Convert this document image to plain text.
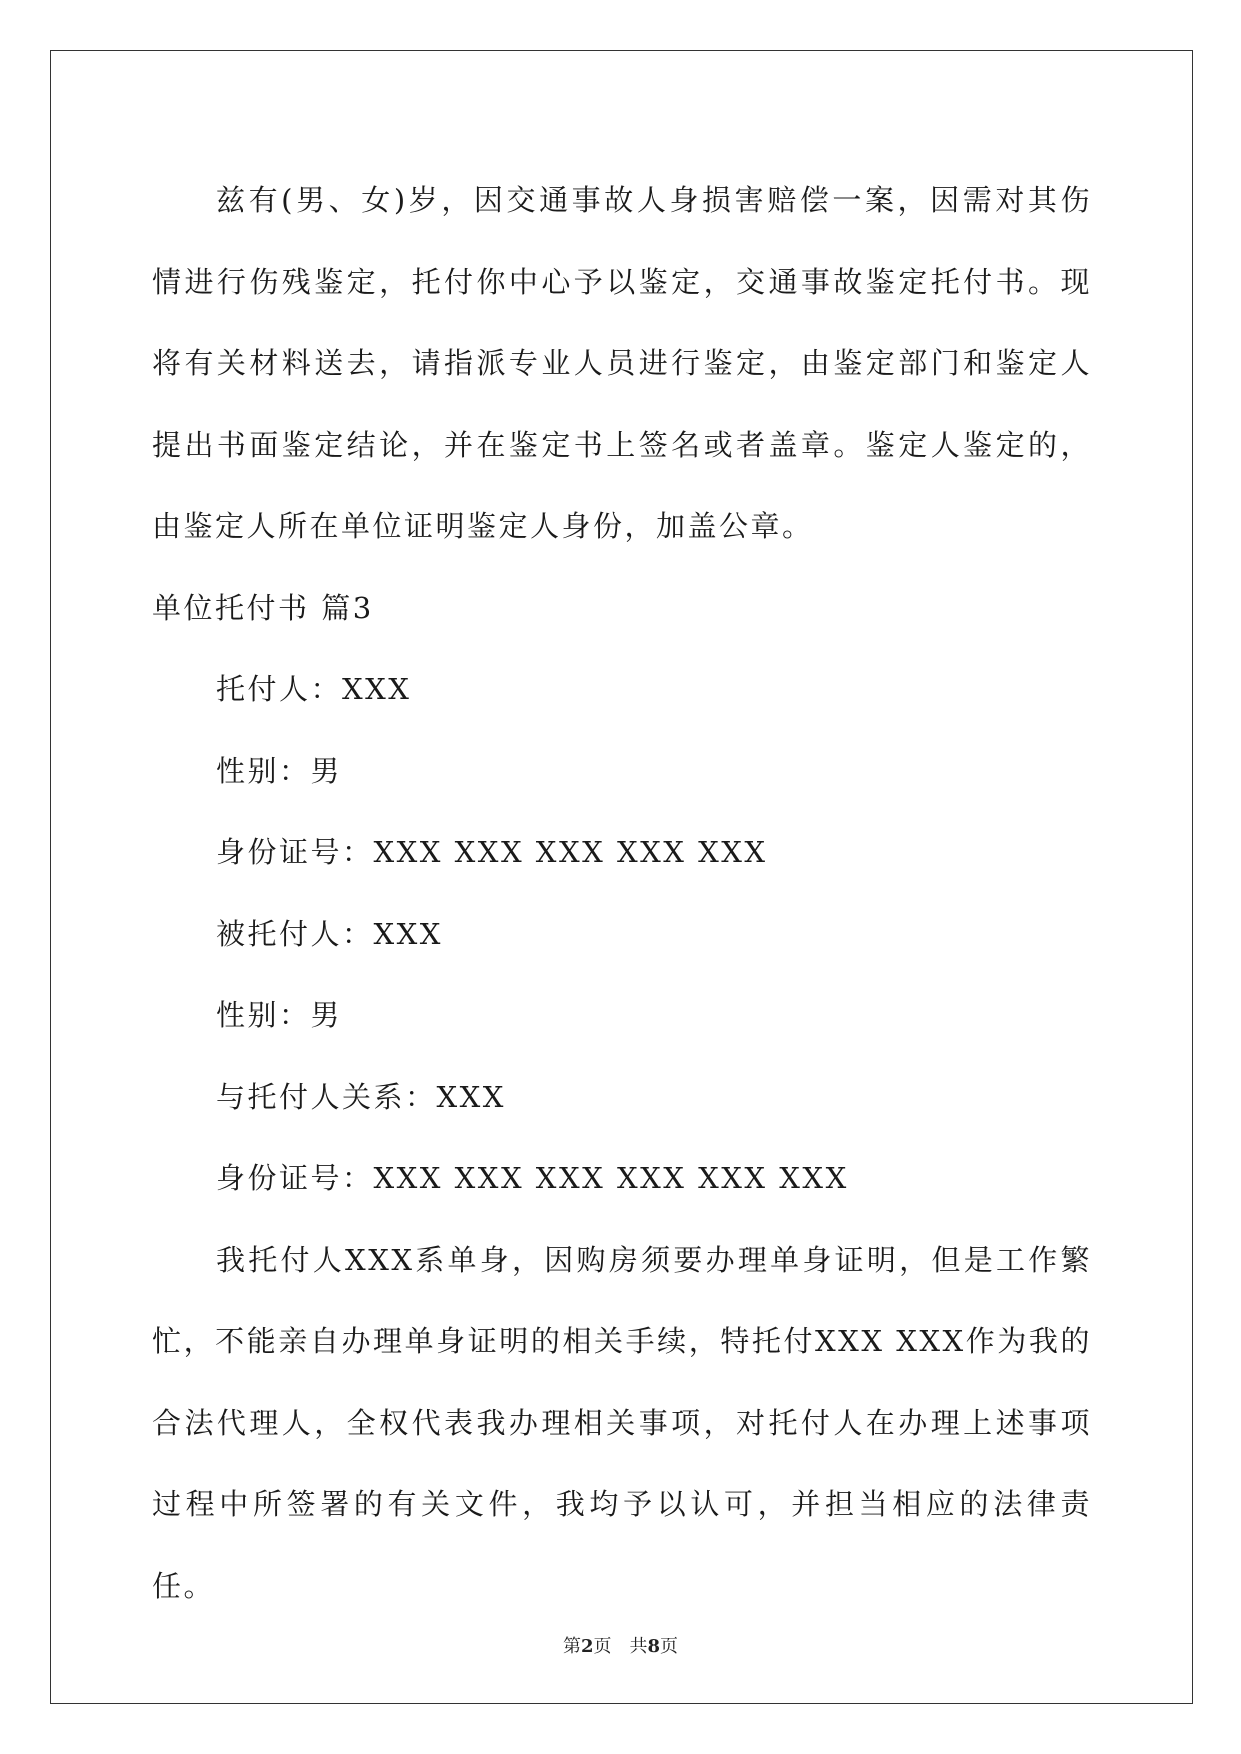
兹有(男、女)岁，因交通事故人身损害赔偿一案，因需对其伤情进行伤残鉴定，托付你中心予以鉴定，交通事故鉴定托付书。现将有关材料送去，请指派专业人员进行鉴定，由鉴定部门和鉴定人提出书面鉴定结论，并在鉴定书上签名或者盖章。鉴定人鉴定的，由鉴定人所在单位证明鉴定人身份，加盖公章。

单位托付书 篇3

托付人：XXX

性别：男

身份证号：XXX XXX XXX XXX XXX

被托付人：XXX

性别：男

与托付人关系：XXX

身份证号：XXX XXX XXX XXX XXX XXX

我托付人XXX系单身，因购房须要办理单身证明，但是工作繁忙，不能亲自办理单身证明的相关手续，特托付XXX XXX作为我的合法代理人，全权代表我办理相关事项，对托付人在办理上述事项过程中所签署的有关文件，我均予以认可，并担当相应的法律责任。

第2页　共8页
